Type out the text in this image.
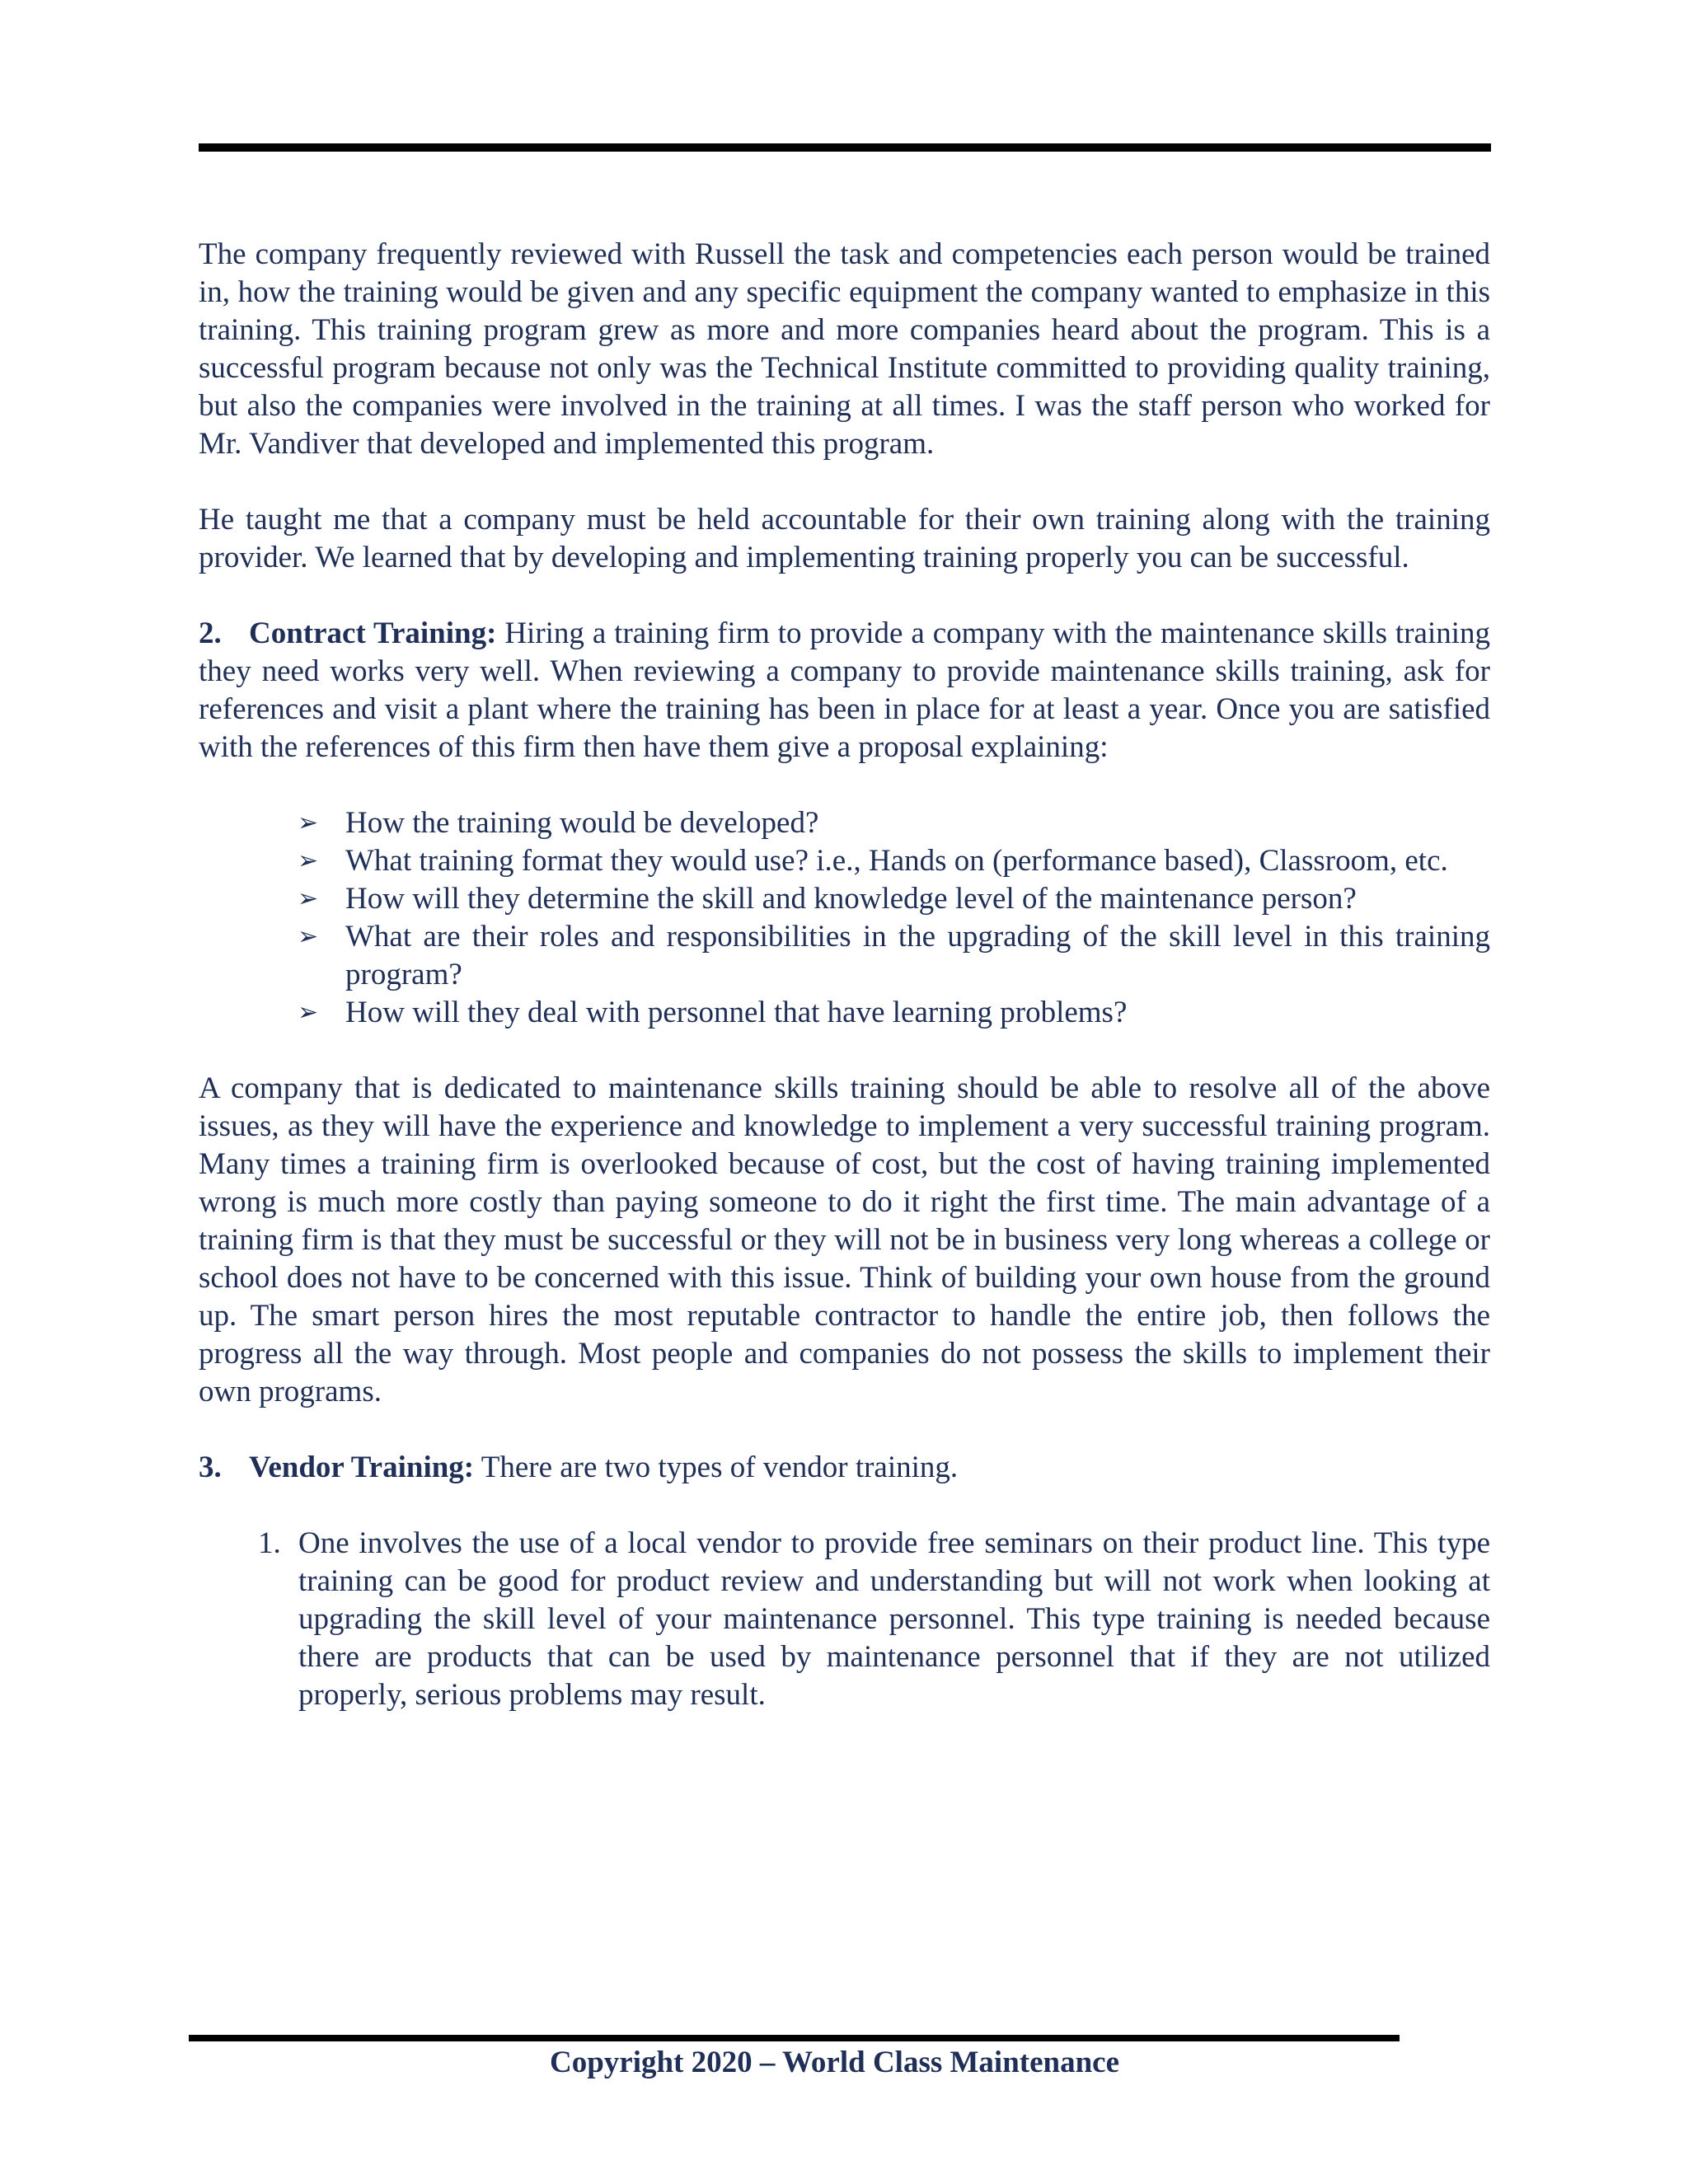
The company frequently reviewed with Russell the task and competencies each person would be trained in, how the training would be given and any specific equipment the company wanted to emphasize in this training. This training program grew as more and more companies heard about the program. This is a successful program because not only was the Technical Institute committed to providing quality training, but also the companies were involved in the training at all times. I was the staff person who worked for Mr. Vandiver that developed and implemented this program.

He taught me that a company must be held accountable for their own training along with the training provider. We learned that by developing and implementing training properly you can be successful.

2. Contract Training: Hiring a training firm to provide a company with the maintenance skills training they need works very well. When reviewing a company to provide maintenance skills training, ask for references and visit a plant where the training has been in place for at least a year. Once you are satisfied with the references of this firm then have them give a proposal explaining:

➢ How the training would be developed?
➢ What training format they would use? i.e., Hands on (performance based), Classroom, etc.
➢ How will they determine the skill and knowledge level of the maintenance person?
➢ What are their roles and responsibilities in the upgrading of the skill level in this training program?
➢ How will they deal with personnel that have learning problems?

A company that is dedicated to maintenance skills training should be able to resolve all of the above issues, as they will have the experience and knowledge to implement a very successful training program. Many times a training firm is overlooked because of cost, but the cost of having training implemented wrong is much more costly than paying someone to do it right the first time. The main advantage of a training firm is that they must be successful or they will not be in business very long whereas a college or school does not have to be concerned with this issue. Think of building your own house from the ground up. The smart person hires the most reputable contractor to handle the entire job, then follows the progress all the way through. Most people and companies do not possess the skills to implement their own programs.

3. Vendor Training: There are two types of vendor training.

1. One involves the use of a local vendor to provide free seminars on their product line. This type training can be good for product review and understanding but will not work when looking at upgrading the skill level of your maintenance personnel. This type training is needed because there are products that can be used by maintenance personnel that if they are not utilized properly, serious problems may result.
Copyright 2020 – World Class Maintenance
